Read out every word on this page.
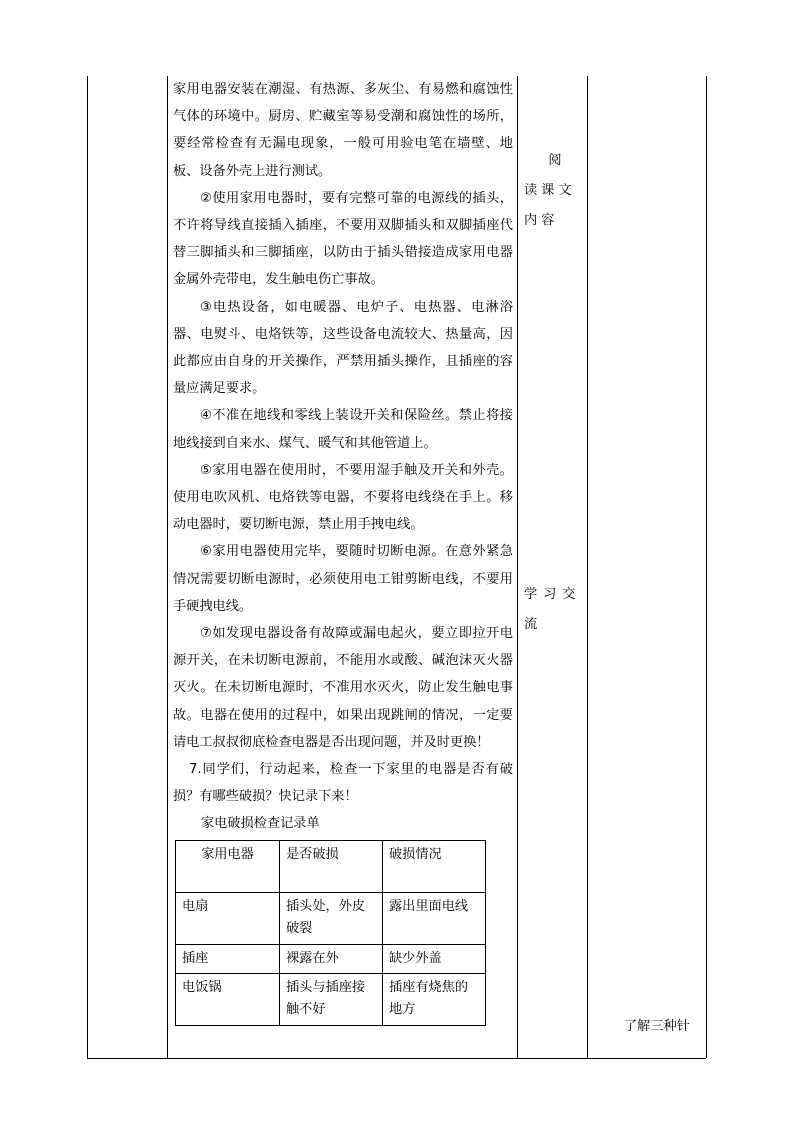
家用电器安装在潮湿、有热源、多灰尘、有易燃和腐蚀性气体的环境中。厨房、贮藏室等易受潮和腐蚀性的场所，要经常检查有无漏电现象，一般可用验电笔在墙壁、地板、设备外壳上进行测试。

②使用家用电器时，要有完整可靠的电源线的插头，不许将导线直接插入插座，不要用双脚插头和双脚插座代替三脚插头和三脚插座，以防由于插头错接造成家用电器金属外壳带电，发生触电伤亡事故。

③电热设备，如电暖器、电炉子、电热器、电淋浴器、电熨斗、电烙铁等，这些设备电流较大、热量高，因此都应由自身的开关操作，严禁用插头操作，且插座的容量应满足要求。

④不准在地线和零线上装设开关和保险丝。禁止将接地线接到自来水、煤气、暖气和其他管道上。

⑤家用电器在使用时，不要用湿手触及开关和外壳。使用电吹风机、电烙铁等电器，不要将电线绕在手上。移动电器时，要切断电源，禁止用手拽电线。

⑥家用电器使用完毕，要随时切断电源。在意外紧急情况需要切断电源时，必须使用电工钳剪断电线，不要用手硬拽电线。

⑦如发现电器设备有故障或漏电起火，要立即拉开电源开关，在未切断电源前，不能用水或酸、碱泡沫灭火器灭火。在未切断电源时，不准用水灭火，防止发生触电事故。电器在使用的过程中，如果出现跳闸的情况，一定要请电工叔叔彻底检查电器是否出现问题，并及时更换！

7.同学们，行动起来，检查一下家里的电器是否有破损？有哪些破损？快记录下来！

家电破损检查记录单

家用电器	是否破损	破损情况
电扇	插头处，外皮破裂	露出里面电线
插座	裸露在外	缺少外盖
电饭锅	插头与插座接触不好	插座有烧焦的地方
阅
读课文内容
学习交流
了解三种针
